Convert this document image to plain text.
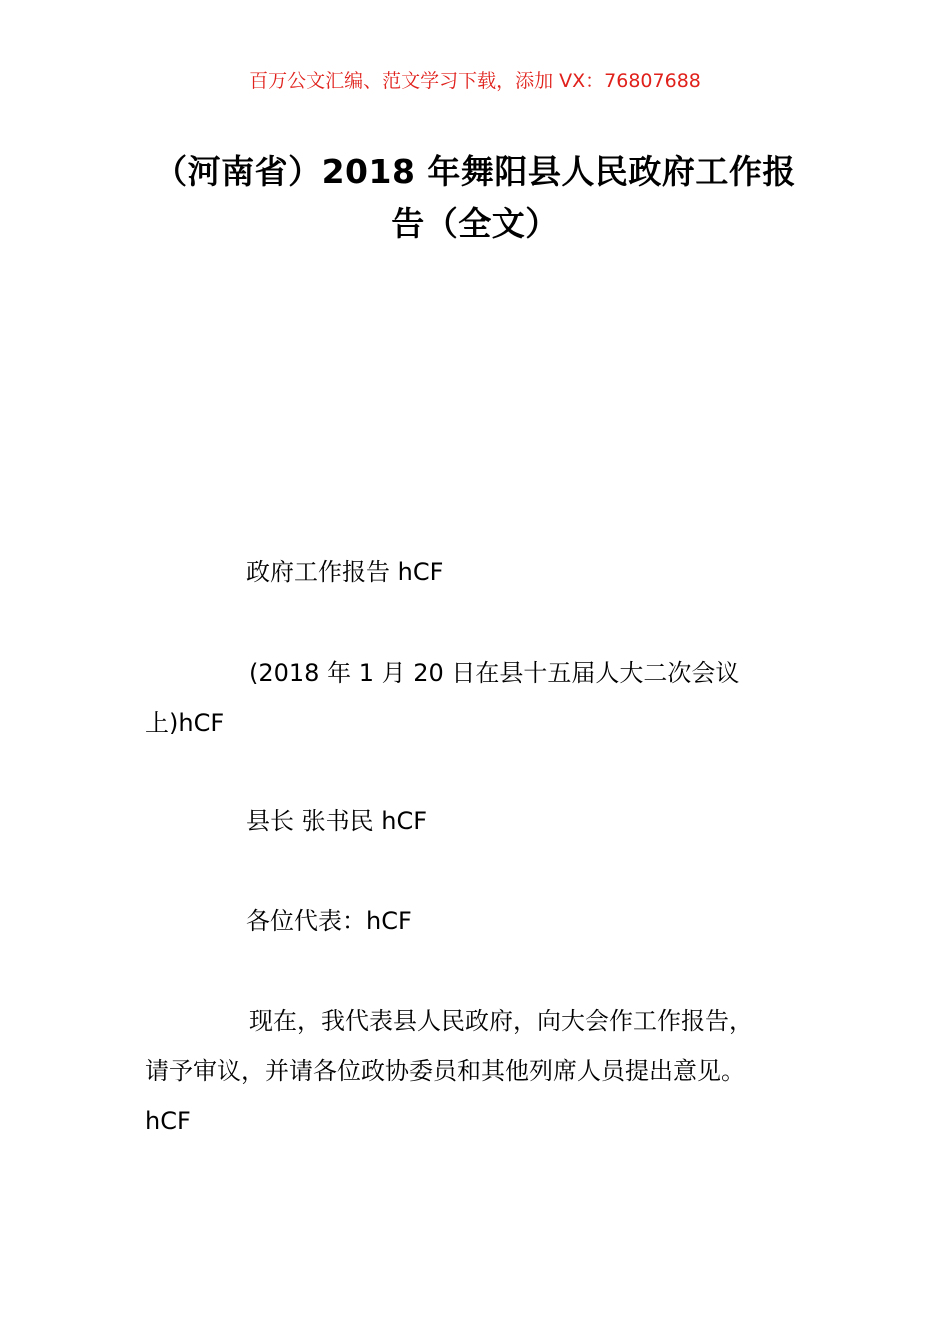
百万公文汇编、范文学习下载，添加 VX：76807688
（河南省）2018 年舞阳县人民政府工作报
告（全文）
政府工作报告 hCF
(2018 年 1 月 20 日在县十五届人大二次会议
上)hCF
县长 张书民 hCF
各位代表：hCF
现在，我代表县人民政府，向大会作工作报告，
请予审议，并请各位政协委员和其他列席人员提出意见。
hCF
